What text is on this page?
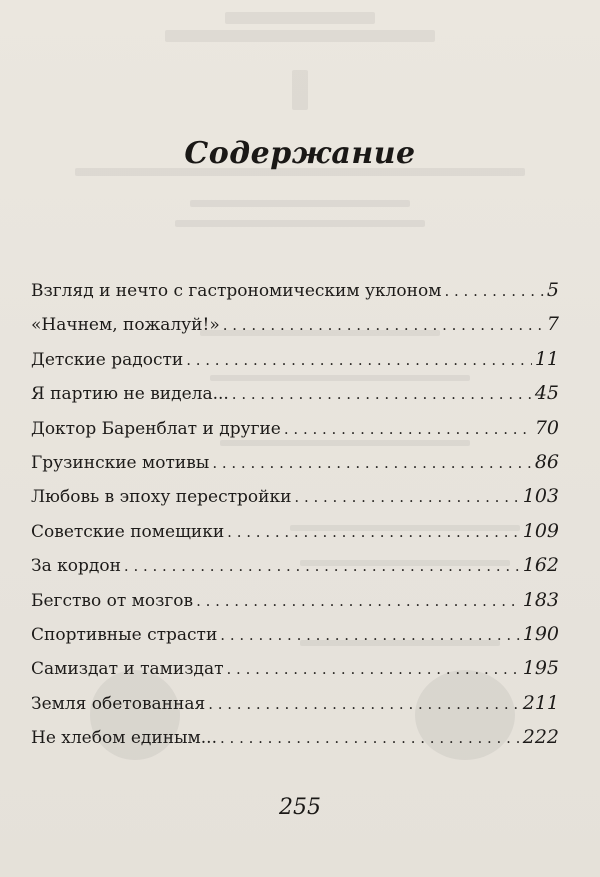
Содержание
Взгляд и нечто с гастрономическим уклоном . . .	5
«Начнем, пожалуй!» . . .	7
Детские радости . . .	11
Я партию не видела... . . .	45
Доктор Баренблат и другие . . .	70
Грузинские мотивы . . .	86
Любовь в эпоху перестройки . . .	103
Советские помещики . . .	109
За кордон . . .	162
Бегство от мозгов . . .	183
Спортивные страсти . . .	190
Самиздат и тамиздат . . .	195
Земля обетованная . . .	211
Не хлебом единым... . . .	222
255
